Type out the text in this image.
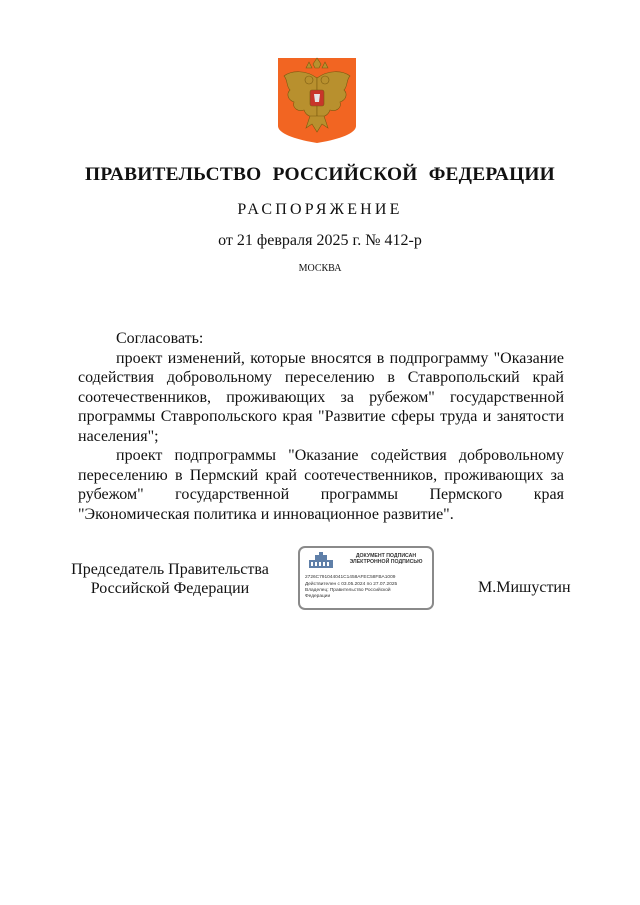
ПРАВИТЕЛЬСТВО РОССИЙСКОЙ ФЕДЕРАЦИИ
РАСПОРЯЖЕНИЕ
от 21 февраля 2025 г. № 412-р
МОСКВА

Согласовать:

проект изменений, которые вносятся в подпрограмму "Оказание содействия добровольному переселению в Ставропольский край соотечественников, проживающих за рубежом" государственной программы Ставропольского края "Развитие сферы труда и занятости населения";

проект подпрограммы "Оказание содействия добровольному переселению в Пермский край соотечественников, проживающих за рубежом" государственной программы Пермского края "Экономическая политика и инновационное развитие".

Председатель Правительства
Российской Федерации
ДОКУМЕНТ ПОДПИСАН
ЭЛЕКТРОННОЙ ПОДПИСЬЮ
2726C791044041C1458AFEC58FBA1009
Действителен с 03.05.2024 по 27.07.2025
Владелец: Правительство Российской
Федерации
М.Мишустин
